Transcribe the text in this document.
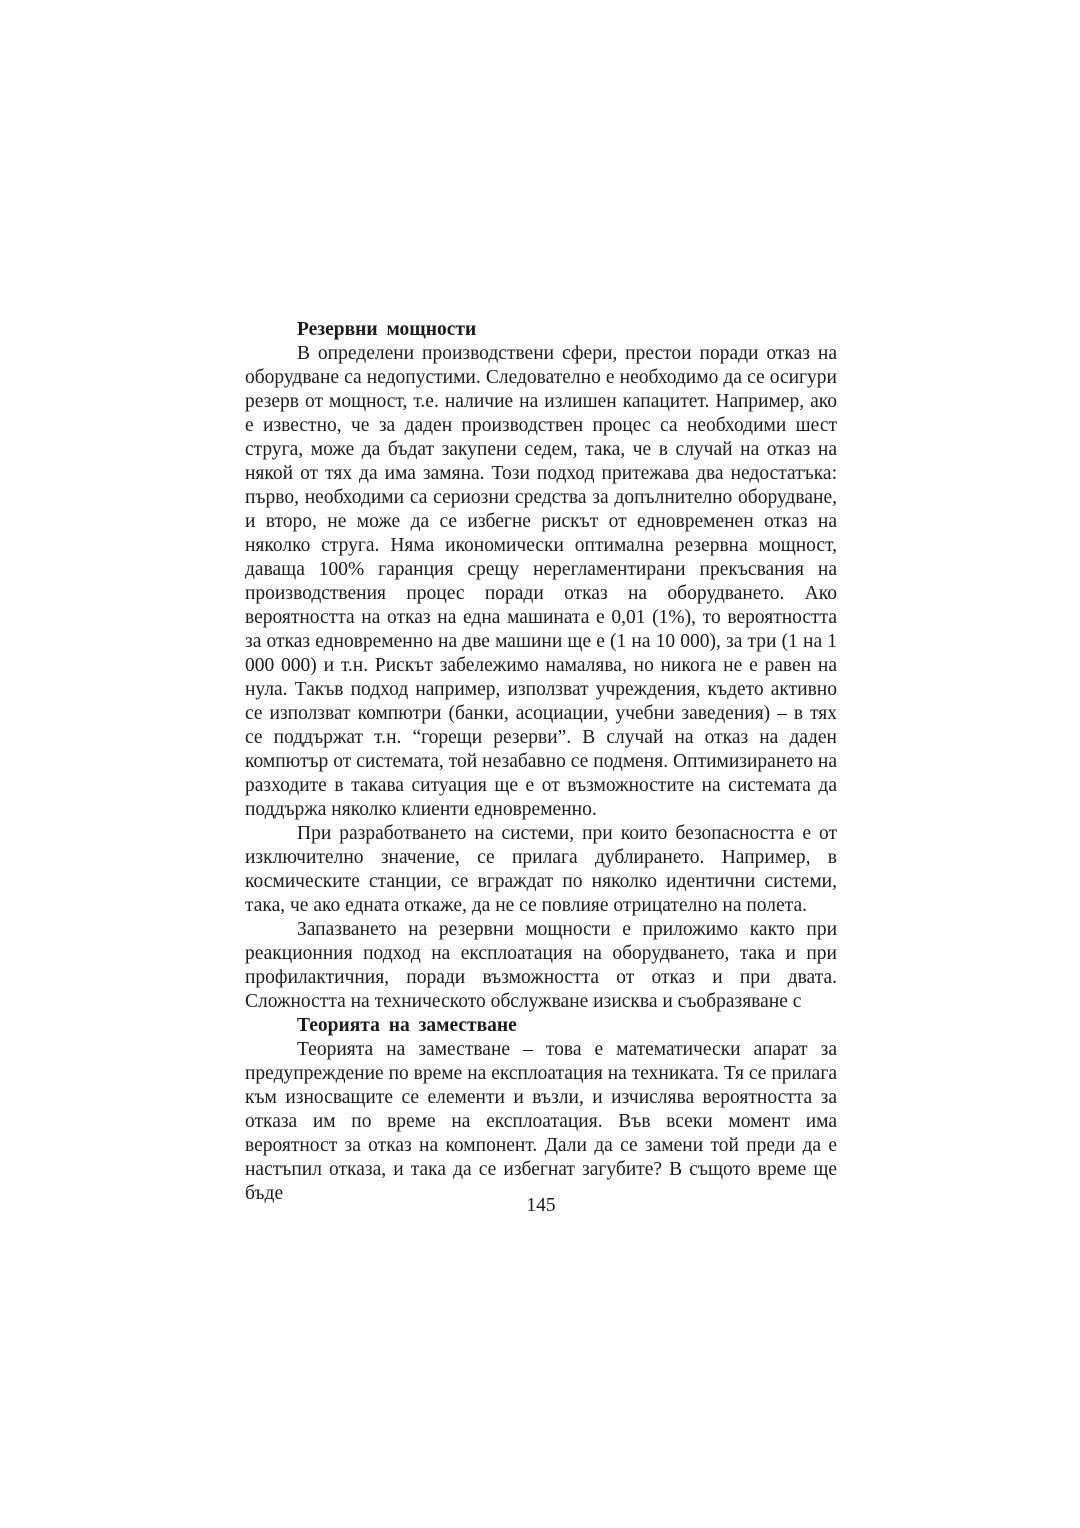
Резервни мощности

В определени производствени сфери, престои поради отказ на оборудване са недопустими. Следователно е необходимо да се осигури резерв от мощност, т.е. наличие на излишен капацитет. Например, ако е известно, че за даден производствен процес са необходими шест струга, може да бъдат закупени седем, така, че в случай на отказ на някой от тях да има замяна. Този подход притежава два недостатъка: първо, необходими са сериозни средства за допълнително оборудване, и второ, не може да се избегне рискът от едновременен отказ на няколко струга. Няма икономически оптимална резервна мощност, даваща 100% гаранция срещу нерегламентирани прекъсвания на производствения процес поради отказ на оборудването. Ако вероятността на отказ на една машината е 0,01 (1%), то вероятността за отказ едновременно на две машини ще е (1 на 10 000), за три (1 на 1 000 000) и т.н. Рискът забележимо намалява, но никога не е равен на нула. Такъв подход например, използват учреждения, където активно се използват компютри (банки, асоциации, учебни заведения) – в тях се поддържат т.н. “горещи резерви”. В случай на отказ на даден компютър от системата, той незабавно се подменя. Оптимизирането на разходите в такава ситуация ще е от възможностите на системата да поддържа няколко клиенти едновременно.

При разработването на системи, при които безопасността е от изключително значение, се прилага дублирането. Например, в космическите станции, се вграждат по няколко идентични системи, така, че ако едната откаже, да не се повлияе отрицателно на полета.

Запазването на резервни мощности е приложимо както при реакционния подход на експлоатация на оборудването, така и при профилактичния, поради възможността от отказ и при двата. Сложността на техническото обслужване изисква и съобразяване с

Теорията на заместване

Теорията на заместване – това е математически апарат за предупреждение по време на експлоатация на техниката. Тя се прилага към износващите се елементи и възли, и изчислява вероятността за отказа им по време на експлоатация. Във всеки момент има вероятност за отказ на компонент. Дали да се замени той преди да е настъпил отказа, и така да се избегнат загубите? В същото време ще бъде

145
